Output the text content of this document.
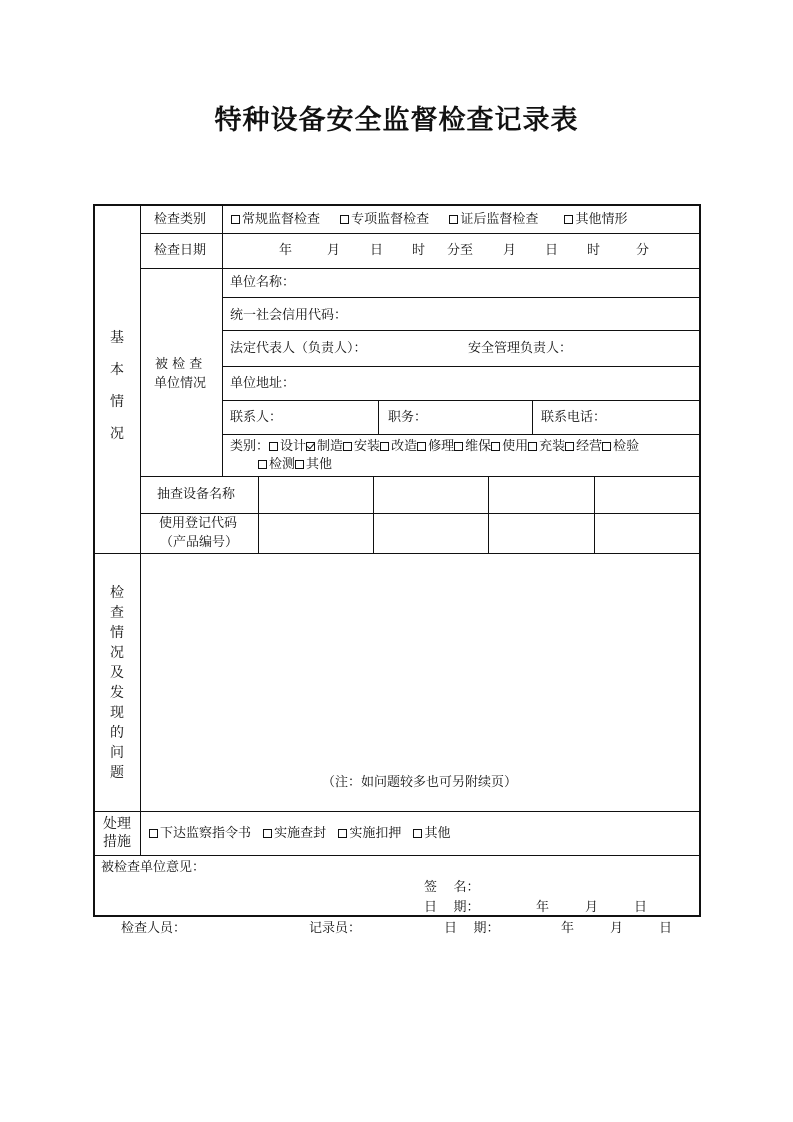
特种设备安全监督检查记录表
基本情况
检查类别	常规监督检查 专项监督检查 证后监督检查	其他情形
检查日期	年	月 日 时 分至 月 日 时	分
被 检 查
单位情况
单位名称：
统一社会信用代码：
法定代表人（负责人）：	安全管理负责人：
单位地址：
联系人：	职务：	联系电话：
类别： 设计 制造 安装 改造 修理 维保 使用 充装 经营 检验
检测 其他
抽查设备名称
使用登记代码
（产品编号）
检查情况及发现的问题
（注：如问题较多也可另附续页）
处理
措施
下达监察指令书 实施查封 实施扣押 其他
被检查单位意见：
签    名：
日    期：	年	月	日
检查人员：	记录员：	日    期：	年	月	日
